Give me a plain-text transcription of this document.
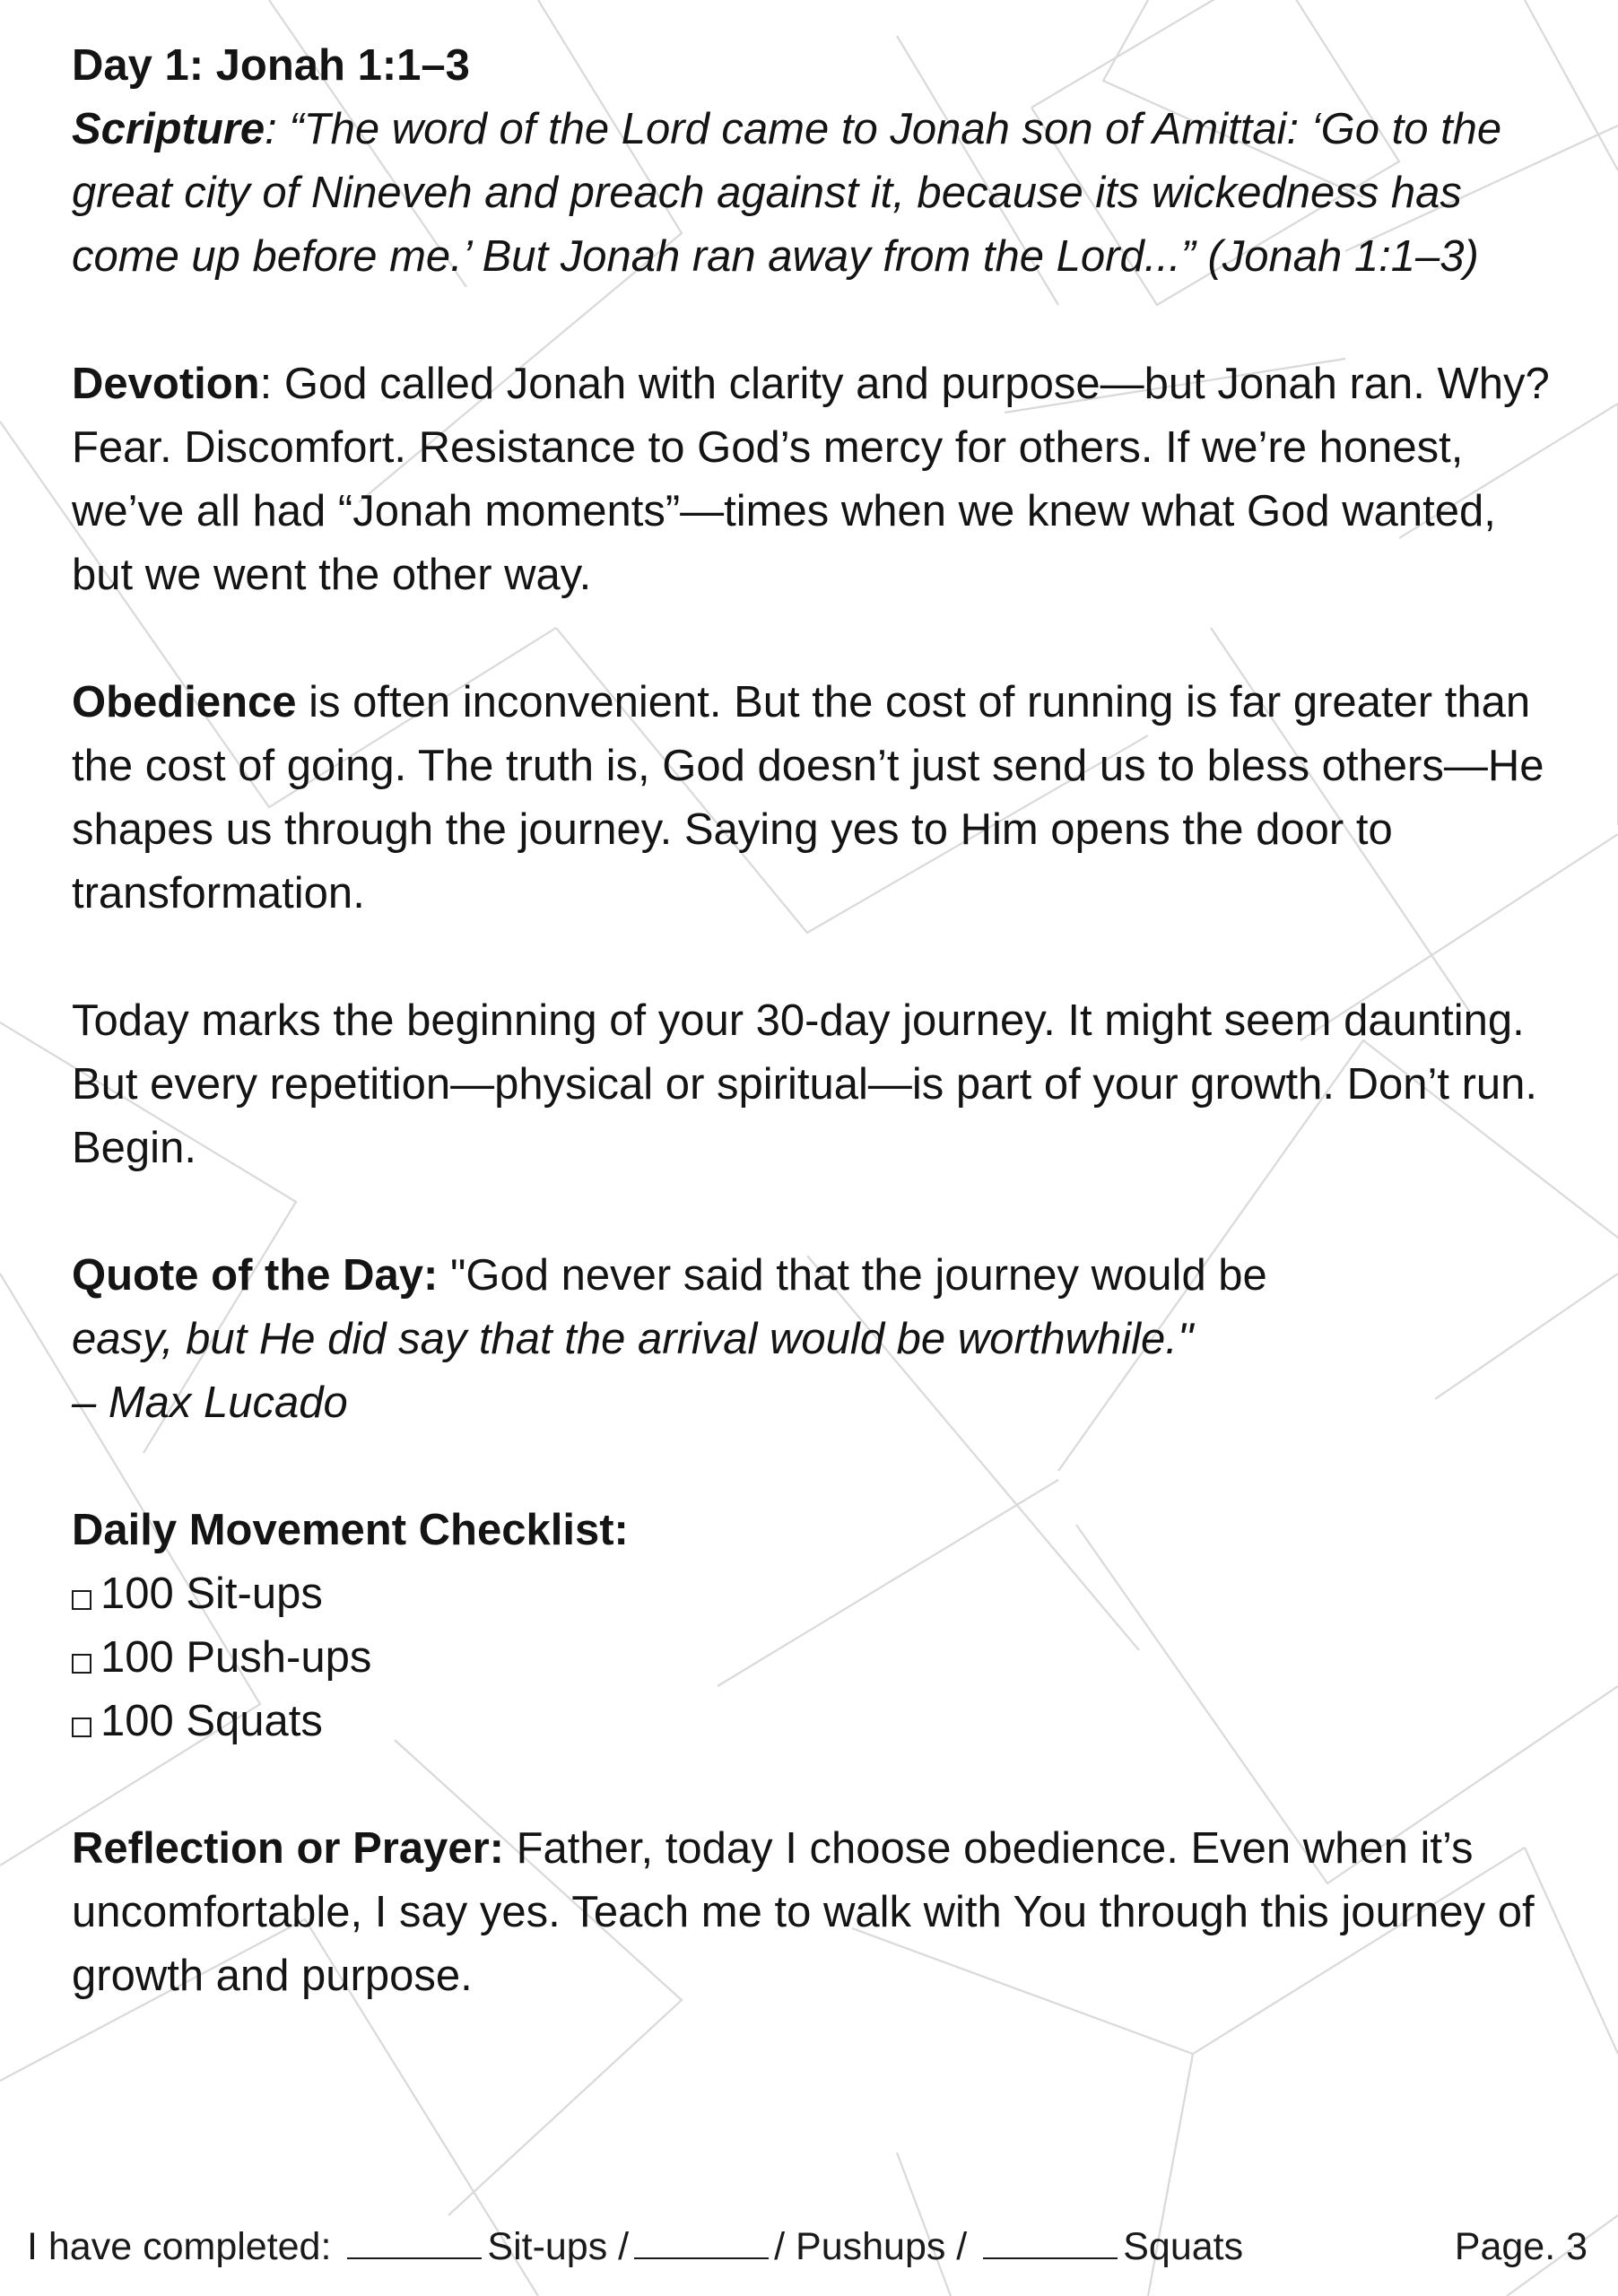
Day 1: Jonah 1:1–3

Scripture: “The word of the Lord came to Jonah son of Amittai: ‘Go to the great city of Nineveh and preach against it, because its wickedness has come up before me.’ But Jonah ran away from the Lord...” (Jonah 1:1–3)

Devotion: God called Jonah with clarity and purpose—but Jonah ran. Why? Fear. Discomfort. Resistance to God’s mercy for others. If we’re honest, we’ve all had “Jonah moments”—times when we knew what God wanted, but we went the other way.

Obedience is often inconvenient. But the cost of running is far greater than the cost of going. The truth is, God doesn’t just send us to bless others—He shapes us through the journey. Saying yes to Him opens the door to transformation.

Today marks the beginning of your 30-day journey. It might seem daunting. But every repetition—physical or spiritual—is part of your growth. Don’t run. Begin.

Quote of the Day: "God never said that the journey would be
easy, but He did say that the arrival would be worthwhile."
– Max Lucado

Daily Movement Checklist:

100 Sit-ups
100 Push-ups
100 Squats

Reflection or Prayer: Father, today I choose obedience. Even when it’s uncomfortable, I say yes. Teach me to walk with You through this journey of growth and purpose.

I have completed:	Sit-ups /	/ Pushups /	Squats	Page. 3
